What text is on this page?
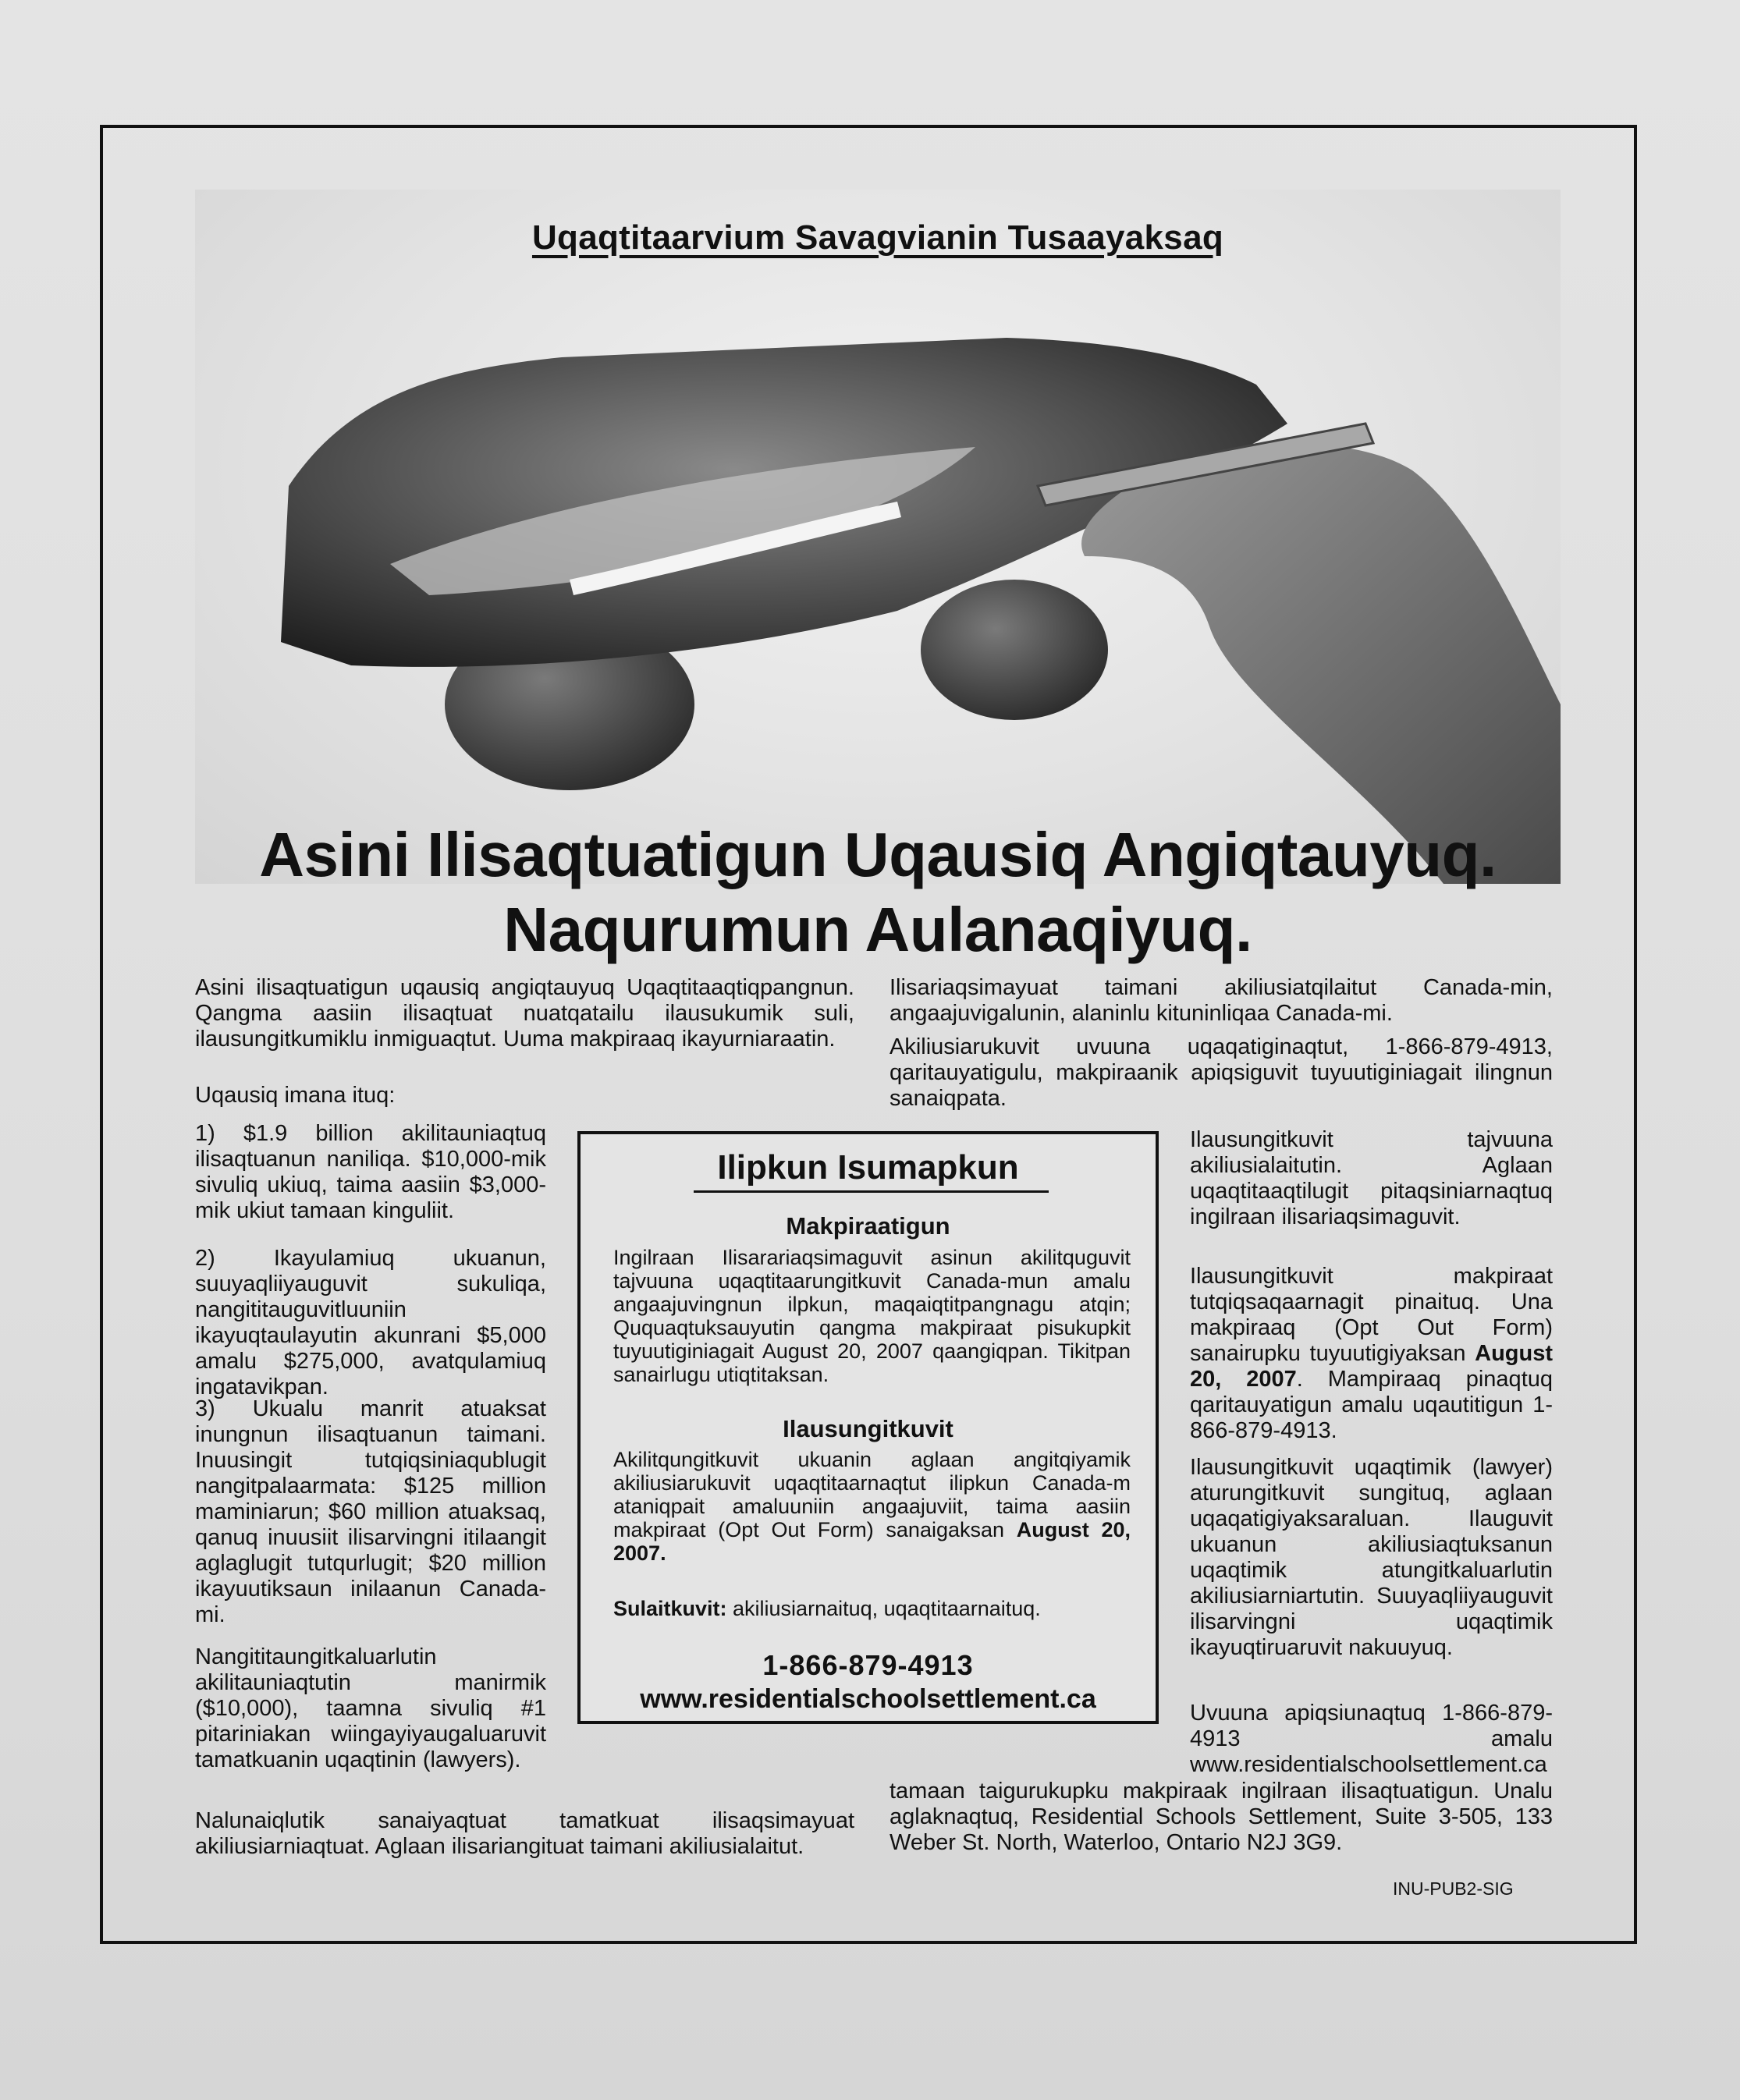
Uqaqtitaarvium Savagvianin Tusaayaksaq
Asini Ilisaqtuatigun Uqausiq Angiqtauyuq.
Naqurumun Aulanaqiyuq.

Asini ilisaqtuatigun uqausiq angiqtauyuq Uqaqtitaaqtiqpangnun. Qangma aasiin ilisaqtuat nuatqatailu ilausukumik suli, ilausungitkumiklu inmiguaqtut. Uuma makpiraaq ikayurniaraatin.

Uqausiq imana ituq:

1) $1.9 billion akilitauniaqtuq ilisaqtuanun naniliqa. $10,000-mik sivuliq ukiuq, taima aasiin $3,000-mik ukiut tamaan kinguliit.

2) Ikayulamiuq ukuanun, suuyaqliiyauguvit sukuliqa, nangititauguvitluuniin ikayuqtaulayutin akunrani $5,000 amalu $275,000, avatqulamiuq ingatavikpan.

3) Ukualu manrit atuaksat inungnun ilisaqtuanun taimani. Inuusingit tutqiqsiniaqublugit nangitpalaarmata: $125 million maminiarun; $60 million atuaksaq, qanuq inuusiit ilisarvingni itilaangit aglaglugit tutqurlugit; $20 million ikayuutiksaun inilaanun Canada-mi.

Nangititaungitkaluarlutin akilitauniaqtutin manirmik ($10,000), taamna sivuliq #1 pitariniakan wiingayiyaugaluaruvit tamatkuanin uqaqtinin (lawyers).

Nalunaiqlutik sanaiyaqtuat tamatkuat ilisaqsimayuat akiliusiarniaqtuat. Aglaan ilisariangituat taimani akiliusialaitut.

Ilisariaqsimayuat taimani akiliusiatqilaitut Canada-min, angaajuvigalunin, alaninlu kituninliqaa Canada-mi.

Akiliusiarukuvit uvuuna uqaqatiginaqtut, 1-866-879-4913, qaritauyatigulu, makpiraanik apiqsiguvit tuyuutiginiagait ilingnun sanaiqpata.

Ilausungitkuvit tajvuuna akiliusialaitutin. Aglaan uqaqtitaaqtilugit pitaqsiniarnaqtuq ingilraan ilisariaqsimaguvit.

Ilausungitkuvit makpiraat tutqiqsaqaarnagit pinaituq. Una makpiraaq (Opt Out Form) sanairupku tuyuutigiyaksan August 20, 2007. Mampiraaq pinaqtuq qaritauyatigun amalu uqautitigun 1-866-879-4913.

Ilausungitkuvit uqaqtimik (lawyer) aturungitkuvit sungituq, aglaan uqaqatigiyaksaraluan. Ilauguvit ukuanun akiliusiaqtuksanun uqaqtimik atungitkaluarlutin akiliusiarniartutin. Suuyaqliiyauguvit ilisarvingni uqaqtimik ikayuqtiruaruvit nakuuyuq.

Uvuuna apiqsiunaqtuq 1-866-879-4913 amalu www.residentialschoolsettlement.ca

tamaan taigurukupku makpiraak ingilraan ilisaqtuatigun. Unalu aglaknaqtuq, Residential Schools Settlement, Suite 3-505, 133 Weber St. North, Waterloo, Ontario N2J 3G9.

Ilipkun Isumapkun
Makpiraatigun

Ingilraan Ilisarariaqsimaguvit asinun akilitquguvit tajvuuna uqaqtitaarungitkuvit Canada-mun amalu angaajuvingnun ilpkun, maqaiqtitpangnagu atqin; Ququaqtuksauyutin qangma makpiraat pisukupkit tuyuutiginiagait August 20, 2007 qaangiqpan. Tikitpan sanairlugu utiqtitaksan.

Ilausungitkuvit

Akilitqungitkuvit ukuanin aglaan angitqiyamik akiliusiarukuvit uqaqtitaarnaqtut ilipkun Canada-m ataniqpait amaluuniin angaajuviit, taima aasiin makpiraat (Opt Out Form) sanaigaksan August 20, 2007.

Sulaitkuvit: akiliusiarnaituq, uqaqtitaarnaituq.

1-866-879-4913
www.residentialschoolsettlement.ca
INU-PUB2-SIG
